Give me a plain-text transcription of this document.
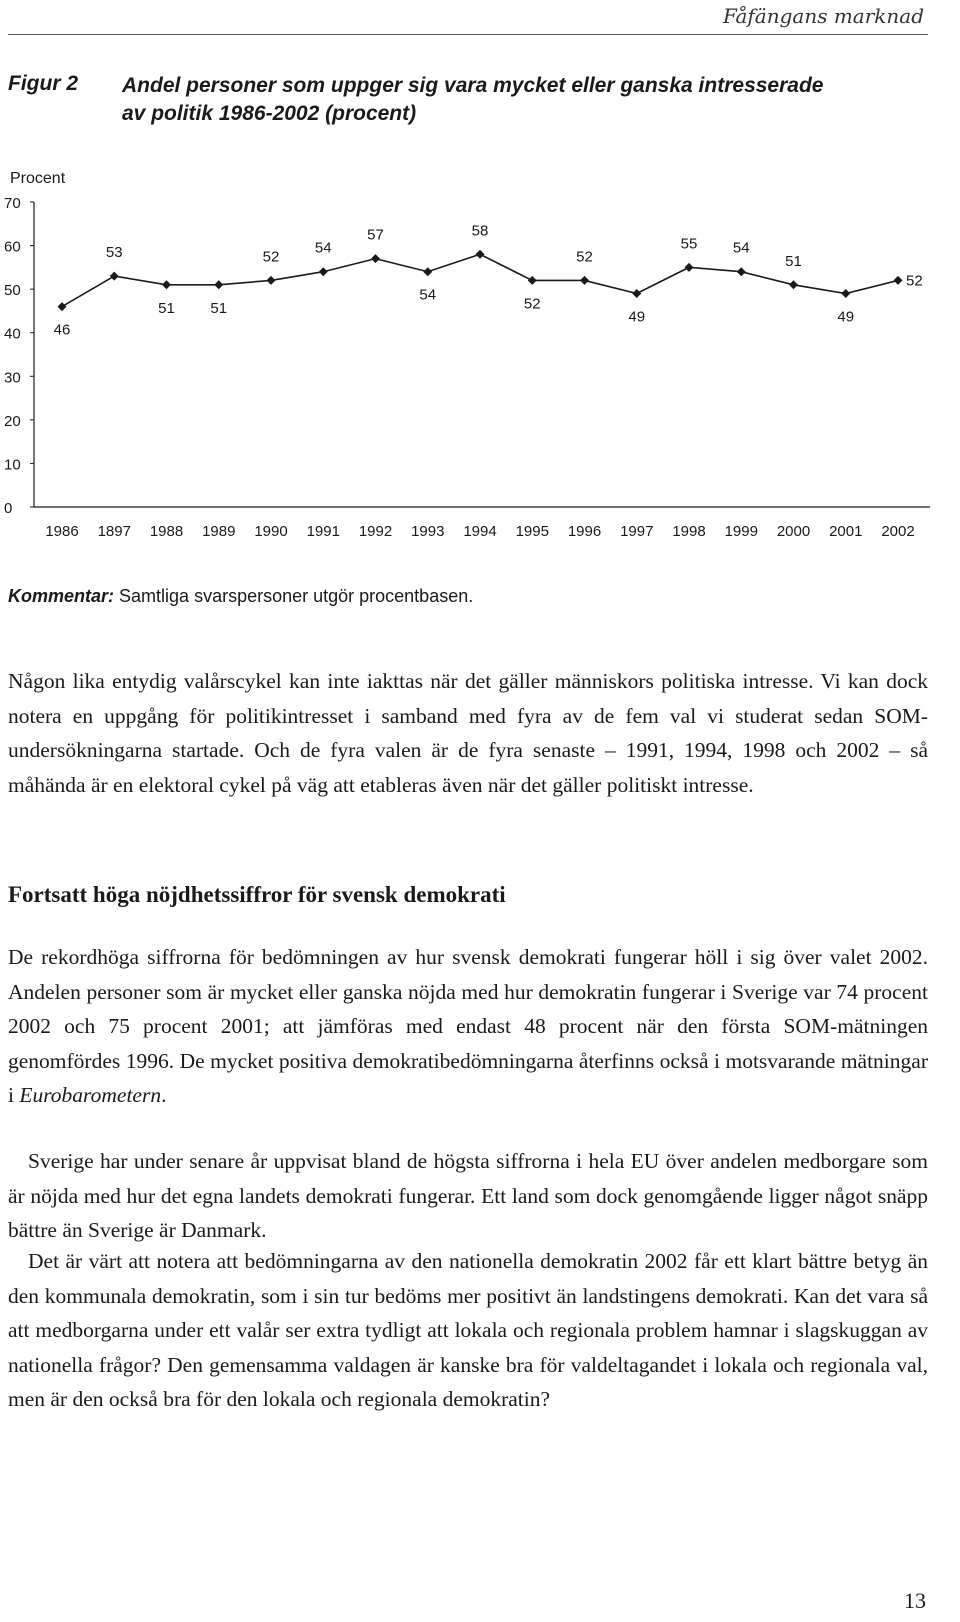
Fåfängans marknad
Figur 2 Andel personer som uppger sig vara mycket eller ganska intresserade av politik 1986-2002 (procent)
Procent
0
10
20
30
40
50
60
70
1986 1897 1988 1989 1990 1991 1992 1993 1994 1995 1996 1997 1998 1999 2000 2001 2002
46
53
51 51
52
54
57
54
58
52
52
49
55 54
51
49
52
Kommentar: Samtliga svarspersoner utgör procentbasen.

Någon lika entydig valårscykel kan inte iakttas när det gäller människors politiska intresse. Vi kan dock notera en uppgång för politikintresset i samband med fyra av de fem val vi studerat sedan SOM-undersökningarna startade. Och de fyra valen är de fyra senaste – 1991, 1994, 1998 och 2002 – så måhända är en elektoral cykel på väg att etableras även när det gäller politiskt intresse.

Fortsatt höga nöjdhetssiffror för svensk demokrati

De rekordhöga siffrorna för bedömningen av hur svensk demokrati fungerar höll i sig över valet 2002. Andelen personer som är mycket eller ganska nöjda med hur demokratin fungerar i Sverige var 74 procent 2002 och 75 procent 2001; att jämföras med endast 48 procent när den första SOM-mätningen genomfördes 1996. De mycket positiva demokratibedömningarna återfinns också i motsvarande mätningar i Eurobarometern.

Sverige har under senare år uppvisat bland de högsta siffrorna i hela EU över andelen medborgare som är nöjda med hur det egna landets demokrati fungerar. Ett land som dock genomgående ligger något snäpp bättre än Sverige är Danmark.

Det är värt att notera att bedömningarna av den nationella demokratin 2002 får ett klart bättre betyg än den kommunala demokratin, som i sin tur bedöms mer positivt än landstingens demokrati. Kan det vara så att medborgarna under ett valår ser extra tydligt att lokala och regionala problem hamnar i slagskuggan av nationella frågor? Den gemensamma valdagen är kanske bra för valdeltagandet i lokala och regionala val, men är den också bra för den lokala och regionala demokratin?

13
